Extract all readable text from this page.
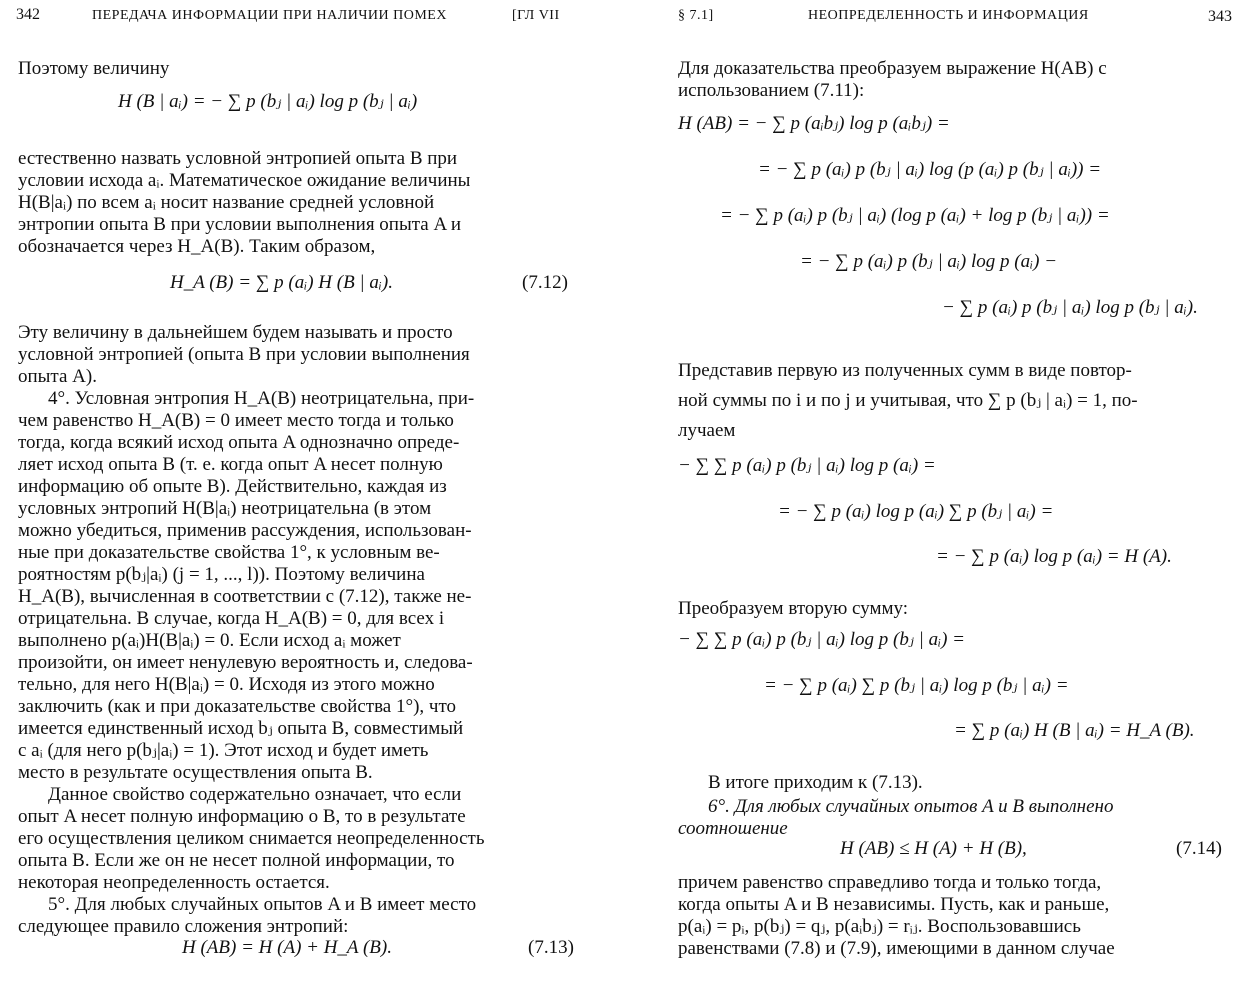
342	ПЕРЕДАЧА ИНФОРМАЦИИ ПРИ НАЛИЧИИ ПОМЕХ	[ГЛ VII
Поэтому величину
H (B | aᵢ) = − ∑ p (bⱼ | aᵢ) log p (bⱼ | aᵢ)
естественно назвать условной энтропией опыта B при
условии исхода aᵢ. Математическое ожидание величины
H(B|aᵢ) по всем aᵢ носит название средней условной
энтропии опыта B при условии выполнения опыта A и
обозначается через H_A(B). Таким образом,
H_A (B) = ∑ p (aᵢ) H (B | aᵢ).	(7.12)
Эту величину в дальнейшем будем называть и просто
условной энтропией (опыта B при условии выполнения
опыта A).
4°. Условная энтропия H_A(B) неотрицательна, при-
чем равенство H_A(B) = 0 имеет место тогда и только
тогда, когда всякий исход опыта A однозначно опреде-
ляет исход опыта B (т. е. когда опыт A несет полную
информацию об опыте B). Действительно, каждая из
условных энтропий H(B|aᵢ) неотрицательна (в этом
можно убедиться, применив рассуждения, использован-
ные при доказательстве свойства 1°, к условным ве-
роятностям p(bⱼ|aᵢ) (j = 1, ..., l)). Поэтому величина
H_A(B), вычисленная в соответствии с (7.12), также не-
отрицательна. В случае, когда H_A(B) = 0, для всех i
выполнено p(aᵢ)H(B|aᵢ) = 0. Если исход aᵢ может
произойти, он имеет ненулевую вероятность и, следова-
тельно, для него H(B|aᵢ) = 0. Исходя из этого можно
заключить (как и при доказательстве свойства 1°), что
имеется единственный исход bⱼ опыта B, совместимый
с aᵢ (для него p(bⱼ|aᵢ) = 1). Этот исход и будет иметь
место в результате осуществления опыта B.
Данное свойство содержательно означает, что если
опыт A несет полную информацию о B, то в результате
его осуществления целиком снимается неопределенность
опыта B. Если же он не несет полной информации, то
некоторая неопределенность остается.
5°. Для любых случайных опытов A и B имеет место
следующее правило сложения энтропий:
H (AB) = H (A) + H_A (B).	(7.13)
§ 7.1]	НЕОПРЕДЕЛЕННОСТЬ И ИНФОРМАЦИЯ	343
Для доказательства преобразуем выражение H(AB) с
использованием (7.11):
H (AB) = − ∑ p (aᵢbⱼ) log p (aᵢbⱼ) =
= − ∑ p (aᵢ) p (bⱼ | aᵢ) log (p (aᵢ) p (bⱼ | aᵢ)) =
= − ∑ p (aᵢ) p (bⱼ | aᵢ) (log p (aᵢ) + log p (bⱼ | aᵢ)) =
= − ∑ p (aᵢ) p (bⱼ | aᵢ) log p (aᵢ) −
− ∑ p (aᵢ) p (bⱼ | aᵢ) log p (bⱼ | aᵢ).
Представив первую из полученных сумм в виде повтор-
ной суммы по i и по j и учитывая, что ∑ p (bⱼ | aᵢ) = 1, по-
лучаем
− ∑ ∑ p (aᵢ) p (bⱼ | aᵢ) log p (aᵢ) =
= − ∑ p (aᵢ) log p (aᵢ) ∑ p (bⱼ | aᵢ) =
= − ∑ p (aᵢ) log p (aᵢ) = H (A).
Преобразуем вторую сумму:
− ∑ ∑ p (aᵢ) p (bⱼ | aᵢ) log p (bⱼ | aᵢ) =
= − ∑ p (aᵢ) ∑ p (bⱼ | aᵢ) log p (bⱼ | aᵢ) =
= ∑ p (aᵢ) H (B | aᵢ) = H_A (B).
В итоге приходим к (7.13).
6°. Для любых случайных опытов A и B выполнено
соотношение
H (AB) ≤ H (A) + H (B),	(7.14)
причем равенство справедливо тогда и только тогда,
когда опыты A и B независимы. Пусть, как и раньше,
p(aᵢ) = pᵢ, p(bⱼ) = qⱼ, p(aᵢbⱼ) = rᵢⱼ. Воспользовавшись
равенствами (7.8) и (7.9), имеющими в данном случае
